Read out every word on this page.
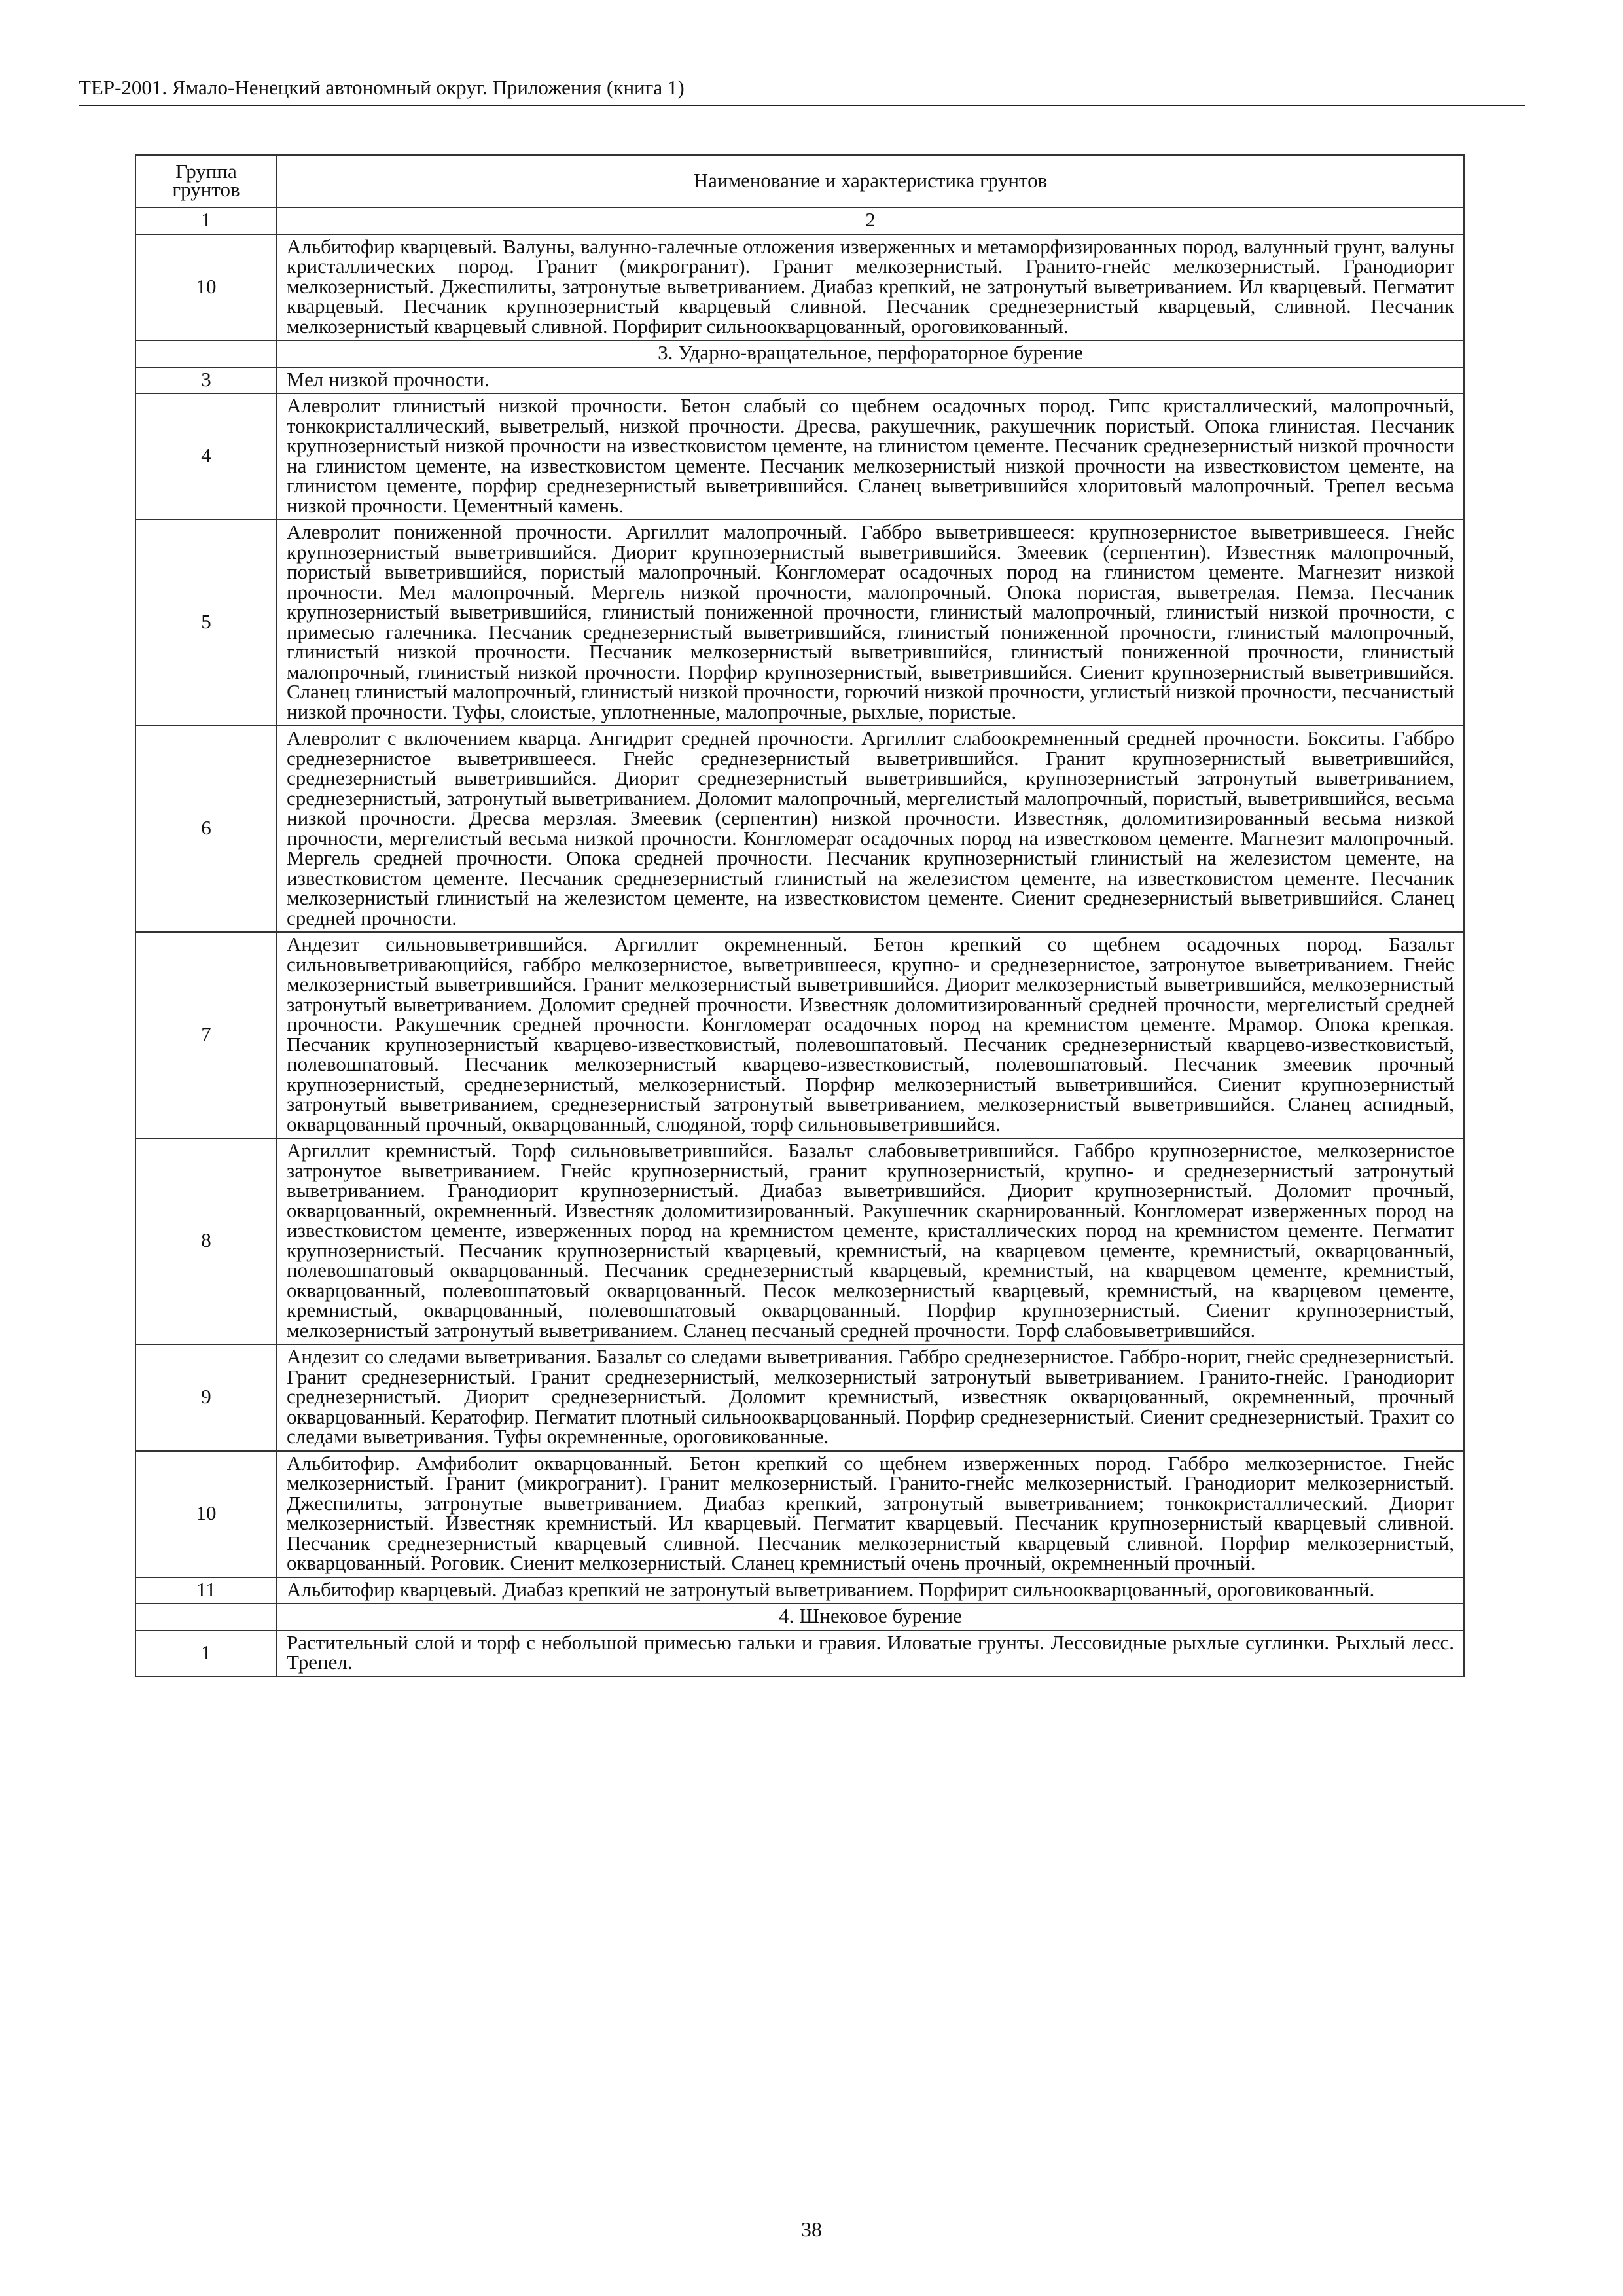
ТЕР-2001. Ямало-Ненецкий автономный округ. Приложения (книга 1)
Группа грунтов	Наименование и характеристика грунтов
1	2
10	Альбитофир кварцевый. Валуны, валунно-галечные отложения изверженных и метаморфизированных пород, валунный грунт, валуны кристаллических пород. Гранит (микрогранит). Гранит мелкозернистый. Гранито-гнейс мелкозернистый. Гранодиорит мелкозернистый. Джеспилиты, затронутые выветриванием. Диабаз крепкий, не затронутый выветриванием. Ил кварцевый. Пегматит кварцевый. Песчаник крупнозернистый кварцевый сливной. Песчаник среднезернистый кварцевый, сливной. Песчаник мелкозернистый кварцевый сливной. Порфирит сильноокварцованный, ороговикованный.
	3. Ударно-вращательное, перфораторное бурение
3	Мел низкой прочности.
4	Алевролит глинистый низкой прочности. Бетон слабый со щебнем осадочных пород. Гипс кристаллический, малопрочный, тонкокристаллический, выветрелый, низкой прочности. Дресва, ракушечник, ракушечник пористый. Опока глинистая. Песчаник крупнозернистый низкой прочности на известковистом цементе, на глинистом цементе. Песчаник среднезернистый низкой прочности на глинистом цементе, на известковистом цементе. Песчаник мелкозернистый низкой прочности на известковистом цементе, на глинистом цементе, порфир среднезернистый выветрившийся. Сланец выветрившийся хлоритовый малопрочный. Трепел весьма низкой прочности. Цементный камень.
5	Алевролит пониженной прочности. Аргиллит малопрочный. Габбро выветрившееся: крупнозернистое выветрившееся. Гнейс крупнозернистый выветрившийся. Диорит крупнозернистый выветрившийся. Змеевик (серпентин). Известняк малопрочный, пористый выветрившийся, пористый малопрочный. Конгломерат осадочных пород на глинистом цементе. Магнезит низкой прочности. Мел малопрочный. Мергель низкой прочности, малопрочный. Опока пористая, выветрелая. Пемза. Песчаник крупнозернистый выветрившийся, глинистый пониженной прочности, глинистый малопрочный, глинистый низкой прочности, с примесью галечника. Песчаник среднезернистый выветрившийся, глинистый пониженной прочности, глинистый малопрочный, глинистый низкой прочности. Песчаник мелкозернистый выветрившийся, глинистый пониженной прочности, глинистый малопрочный, глинистый низкой прочности. Порфир крупнозернистый, выветрившийся. Сиенит крупнозернистый выветрившийся. Сланец глинистый малопрочный, глинистый низкой прочности, горючий низкой прочности, углистый низкой прочности, песчанистый низкой прочности. Туфы, слоистые, уплотненные, малопрочные, рыхлые, пористые.
6	Алевролит с включением кварца. Ангидрит средней прочности. Аргиллит слабоокремненный средней прочности. Бокситы. Габбро среднезернистое выветрившееся. Гнейс среднезернистый выветрившийся. Гранит крупнозернистый выветрившийся, среднезернистый выветрившийся. Диорит среднезернистый выветрившийся, крупнозернистый затронутый выветриванием, среднезернистый, затронутый выветриванием. Доломит малопрочный, мергелистый малопрочный, пористый, выветрившийся, весьма низкой прочности. Дресва мерзлая. Змеевик (серпентин) низкой прочности. Известняк, доломитизированный весьма низкой прочности, мергелистый весьма низкой прочности. Конгломерат осадочных пород на известковом цементе. Магнезит малопрочный. Мергель средней прочности. Опока средней прочности. Песчаник крупнозернистый глинистый на железистом цементе, на известковистом цементе. Песчаник среднезернистый глинистый на железистом цементе, на известковистом цементе. Песчаник мелкозернистый глинистый на железистом цементе, на известковистом цементе. Сиенит среднезернистый выветрившийся. Сланец средней прочности.
7	Андезит сильновыветрившийся. Аргиллит окремненный. Бетон крепкий со щебнем осадочных пород. Базальт сильновыветривающийся, габбро мелкозернистое, выветрившееся, крупно- и среднезернистое, затронутое выветриванием. Гнейс мелкозернистый выветрившийся. Гранит мелкозернистый выветрившийся. Диорит мелкозернистый выветрившийся, мелкозернистый затронутый выветриванием. Доломит средней прочности. Известняк доломитизированный средней прочности, мергелистый средней прочности. Ракушечник средней прочности. Конгломерат осадочных пород на кремнистом цементе. Мрамор. Опока крепкая. Песчаник крупнозернистый кварцево-известковистый, полевошпатовый. Песчаник среднезернистый кварцево-известковистый, полевошпатовый. Песчаник мелкозернистый кварцево-известковистый, полевошпатовый. Песчаник змеевик прочный крупнозернистый, среднезернистый, мелкозернистый. Порфир мелкозернистый выветрившийся. Сиенит крупнозернистый затронутый выветриванием, среднезернистый затронутый выветриванием, мелкозернистый выветрившийся. Сланец аспидный, окварцованный прочный, окварцованный, слюдяной, торф сильновыветрившийся.
8	Аргиллит кремнистый. Торф сильновыветрившийся. Базальт слабовыветрившийся. Габбро крупнозернистое, мелкозернистое затронутое выветриванием. Гнейс крупнозернистый, гранит крупнозернистый, крупно- и среднезернистый затронутый выветриванием. Гранодиорит крупнозернистый. Диабаз выветрившийся. Диорит крупнозернистый. Доломит прочный, окварцованный, окремненный. Известняк доломитизированный. Ракушечник скарнированный. Конгломерат изверженных пород на известковистом цементе, изверженных пород на кремнистом цементе, кристаллических пород на кремнистом цементе. Пегматит крупнозернистый. Песчаник крупнозернистый кварцевый, кремнистый, на кварцевом цементе, кремнистый, окварцованный, полевошпатовый окварцованный. Песчаник среднезернистый кварцевый, кремнистый, на кварцевом цементе, кремнистый, окварцованный, полевошпатовый окварцованный. Песок мелкозернистый кварцевый, кремнистый, на кварцевом цементе, кремнистый, окварцованный, полевошпатовый окварцованный. Порфир крупнозернистый. Сиенит крупнозернистый, мелкозернистый затронутый выветриванием. Сланец песчаный средней прочности. Торф слабовыветрившийся.
9	Андезит со следами выветривания. Базальт со следами выветривания. Габбро среднезернистое. Габбро-норит, гнейс среднезернистый. Гранит среднезернистый. Гранит среднезернистый, мелкозернистый затронутый выветриванием. Гранито-гнейс. Гранодиорит среднезернистый. Диорит среднезернистый. Доломит кремнистый, известняк окварцованный, окремненный, прочный окварцованный. Кератофир. Пегматит плотный сильноокварцованный. Порфир среднезернистый. Сиенит среднезернистый. Трахит со следами выветривания. Туфы окремненные, ороговикованные.
10	Альбитофир. Амфиболит окварцованный. Бетон крепкий со щебнем изверженных пород. Габбро мелкозернистое. Гнейс мелкозернистый. Гранит (микрогранит). Гранит мелкозернистый. Гранито-гнейс мелкозернистый. Гранодиорит мелкозернистый. Джеспилиты, затронутые выветриванием. Диабаз крепкий, затронутый выветриванием; тонкокристаллический. Диорит мелкозернистый. Известняк кремнистый. Ил кварцевый. Пегматит кварцевый. Песчаник крупнозернистый кварцевый сливной. Песчаник среднезернистый кварцевый сливной. Песчаник мелкозернистый кварцевый сливной. Порфир мелкозернистый, окварцованный. Роговик. Сиенит мелкозернистый. Сланец кремнистый очень прочный, окремненный прочный.
11	Альбитофир кварцевый. Диабаз крепкий не затронутый выветриванием. Порфирит сильноокварцованный, ороговикованный.
	4. Шнековое бурение
1	Растительный слой и торф с небольшой примесью гальки и гравия. Иловатые грунты. Лессовидные рыхлые суглинки. Рыхлый лесс. Трепел.
38
